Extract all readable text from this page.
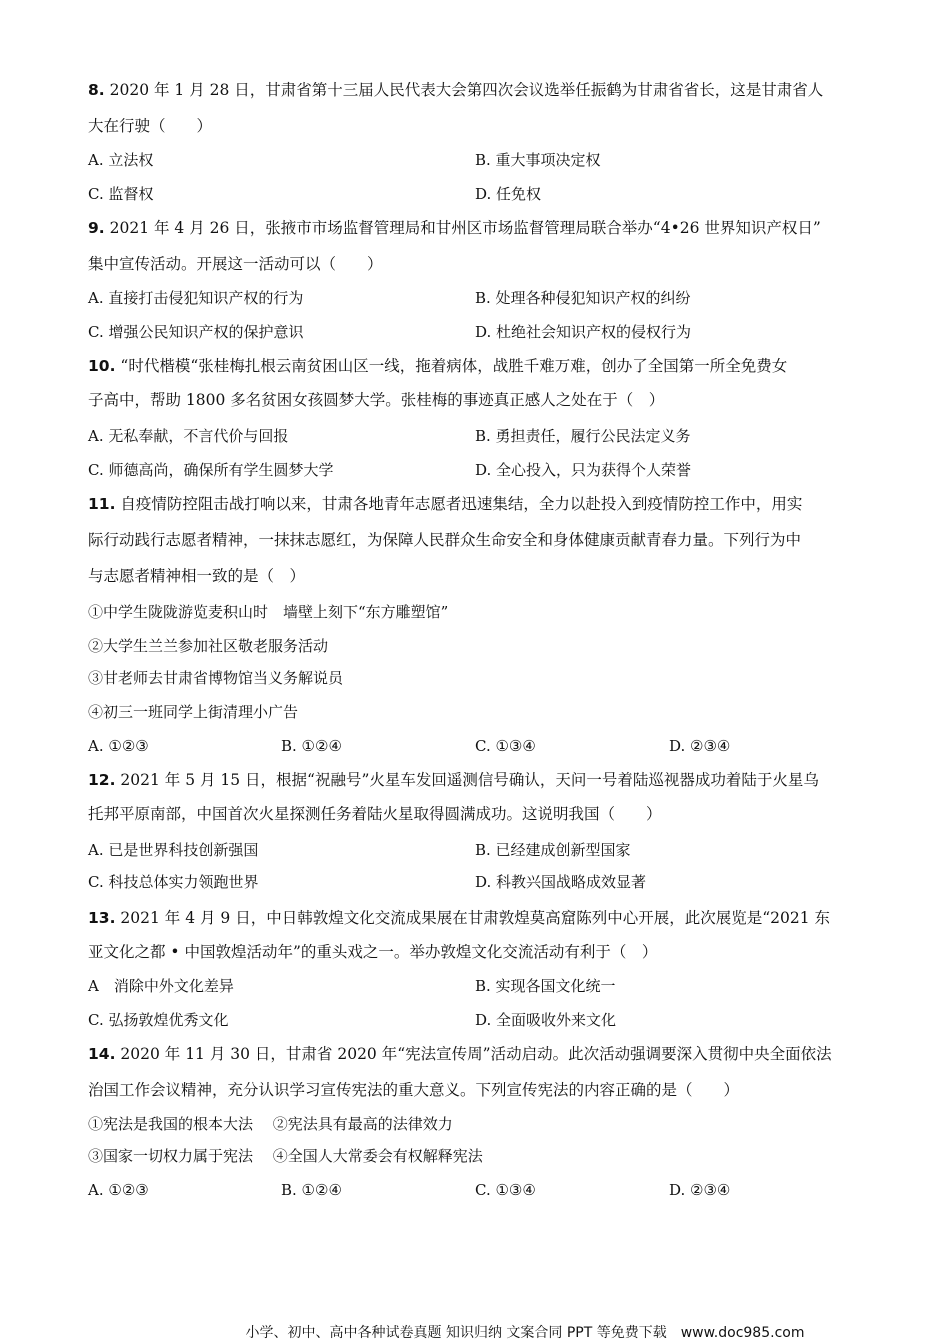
8. 2020 年 1 月 28 日，甘肃省第十三届人民代表大会第四次会议选举任振鹤为甘肃省省长，这是甘肃省人
大在行驶（　　）
A. 立法权	B. 重大事项决定权
C. 监督权	D. 任免权
9. 2021 年 4 月 26 日，张掖市市场监督管理局和甘州区市场监督管理局联合举办“4•26 世界知识产权日”
集中宣传活动。开展这一活动可以（　　）
A. 直接打击侵犯知识产权的行为	B. 处理各种侵犯知识产权的纠纷
C. 增强公民知识产权的保护意识	D. 杜绝社会知识产权的侵权行为
10. “时代楷模“张桂梅扎根云南贫困山区一线，拖着病体，战胜千难万难，创办了全国第一所全免费女
子高中，帮助 1800 多名贫困女孩圆梦大学。张桂梅的事迹真正感人之处在于（　）
A. 无私奉献，不言代价与回报	B. 勇担责任，履行公民法定义务
C. 师德高尚，确保所有学生圆梦大学	D. 全心投入，只为获得个人荣誉
11. 自疫情防控阻击战打响以来，甘肃各地青年志愿者迅速集结，全力以赴投入到疫情防控工作中，用实
际行动践行志愿者精神，一抹抹志愿红，为保障人民群众生命安全和身体健康贡献青春力量。下列行为中
与志愿者精神相一致的是（　）
①中学生陇陇游览麦积山时　墙壁上刻下“东方雕塑馆”
②大学生兰兰参加社区敬老服务活动
③甘老师去甘肃省博物馆当义务解说员
④初三一班同学上街清理小广告
A. ①②③	B. ①②④	C. ①③④	D. ②③④
12. 2021 年 5 月 15 日，根据“祝融号”火星车发回遥测信号确认，天问一号着陆巡视器成功着陆于火星乌
托邦平原南部，中国首次火星探测任务着陆火星取得圆满成功。这说明我国（　　）
A. 已是世界科技创新强国	B. 已经建成创新型国家
C. 科技总体实力领跑世界	D. 科教兴国战略成效显著
13. 2021 年 4 月 9 日，中日韩敦煌文化交流成果展在甘肃敦煌莫高窟陈列中心开展，此次展览是“2021 东
亚文化之都 • 中国敦煌活动年”的重头戏之一。举办敦煌文化交流活动有利于（　）
A　消除中外文化差异	B. 实现各国文化统一
C. 弘扬敦煌优秀文化	D. 全面吸收外来文化
14. 2020 年 11 月 30 日，甘肃省 2020 年“宪法宣传周”活动启动。此次活动强调要深入贯彻中央全面依法
治国工作会议精神，充分认识学习宣传宪法的重大意义。下列宣传宪法的内容正确的是（　　）
①宪法是我国的根本大法　 ②宪法具有最高的法律效力
③国家一切权力属于宪法　 ④全国人大常委会有权解释宪法
A. ①②③	B. ①②④	C. ①③④	D. ②③④
小学、初中、高中各种试卷真题 知识归纳 文案合同 PPT 等免费下载　www.doc985.com
